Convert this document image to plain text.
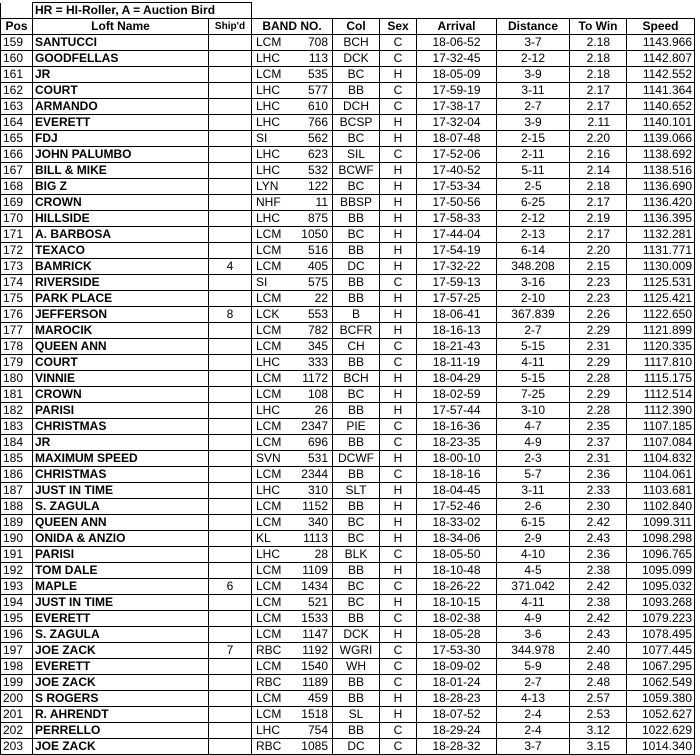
	HR = HI-Roller, A = Auction Bird									
Pos	Loft Name	Ship'd	BAND NO.		Col	Sex	Arrival	Distance	To Win	Speed
159	SANTUCCI		LCM	708	BCH	C	18-06-52	3-7	2.18	1143.966
160	GOODFELLAS		LHC	113	DCK	C	17-32-45	2-12	2.18	1142.807
161	JR		LCM	535	BC	H	18-05-09	3-9	2.18	1142.552
162	COURT		LHC	577	BB	C	17-59-19	3-11	2.17	1141.364
163	ARMANDO		LHC	610	DCH	C	17-38-17	2-7	2.17	1140.652
164	EVERETT		LHC	766	BCSP	H	17-32-04	3-9	2.11	1140.101
165	FDJ		SI	562	BC	H	18-07-48	2-15	2.20	1139.066
166	JOHN PALUMBO		LHC	623	SIL	C	17-52-06	2-11	2.16	1138.692
167	BILL & MIKE		LHC	532	BCWF	H	17-40-52	5-11	2.14	1138.516
168	BIG Z		LYN	122	BC	H	17-53-34	2-5	2.18	1136.690
169	CROWN		NHF	11	BBSP	H	17-50-56	6-25	2.17	1136.420
170	HILLSIDE		LHC	875	BB	H	17-58-33	2-12	2.19	1136.395
171	A. BARBOSA		LCM	1050	BC	H	17-44-04	2-13	2.17	1132.281
172	TEXACO		LCM	516	BB	H	17-54-19	6-14	2.20	1131.771
173	BAMRICK	4	LCM	405	DC	H	17-32-22	348.208	2.15	1130.009
174	RIVERSIDE		SI	575	BB	C	17-59-13	3-16	2.23	1125.531
175	PARK PLACE		LCM	22	BB	H	17-57-25	2-10	2.23	1125.421
176	JEFFERSON	8	LCK	553	B	H	18-06-41	367.839	2.26	1122.650
177	MAROCIK		LCM	782	BCFR	H	18-16-13	2-7	2.29	1121.899
178	QUEEN ANN		LCM	345	CH	C	18-21-43	5-15	2.31	1120.335
179	COURT		LHC	333	BB	C	18-11-19	4-11	2.29	1117.810
180	VINNIE		LCM	1172	BCH	H	18-04-29	5-15	2.28	1115.175
181	CROWN		LCM	108	BC	H	18-02-59	7-25	2.29	1112.514
182	PARISI		LHC	26	BB	H	17-57-44	3-10	2.28	1112.390
183	CHRISTMAS		LCM	2347	PIE	C	18-16-36	4-7	2.35	1107.185
184	JR		LCM	696	BB	C	18-23-35	4-9	2.37	1107.084
185	MAXIMUM SPEED		SVN	531	DCWF	H	18-00-10	2-3	2.31	1104.832
186	CHRISTMAS		LCM	2344	BB	C	18-18-16	5-7	2.36	1104.061
187	JUST IN TIME		LHC	310	SLT	H	18-04-45	3-11	2.33	1103.681
188	S. ZAGULA		LCM	1152	BB	H	17-52-46	2-6	2.30	1102.840
189	QUEEN ANN		LCM	340	BC	H	18-33-02	6-15	2.42	1099.311
190	ONIDA & ANZIO		KL	1113	BC	H	18-34-06	2-9	2.43	1098.298
191	PARISI		LHC	28	BLK	C	18-05-50	4-10	2.36	1096.765
192	TOM DALE		LCM	1109	BB	H	18-10-48	4-5	2.38	1095.099
193	MAPLE	6	LCM	1434	BC	C	18-26-22	371.042	2.42	1095.032
194	JUST IN TIME		LCM	521	BC	H	18-10-15	4-11	2.38	1093.268
195	EVERETT		LCM	1533	BB	C	18-02-38	4-9	2.42	1079.223
196	S. ZAGULA		LCM	1147	DCK	H	18-05-28	3-6	2.43	1078.495
197	JOE ZACK	7	RBC	1192	WGRI	C	17-53-30	344.978	2.40	1077.445
198	EVERETT		LCM	1540	WH	C	18-09-02	5-9	2.48	1067.295
199	JOE ZACK		RBC	1189	BB	C	18-01-24	2-7	2.48	1062.549
200	S ROGERS		LCM	459	BB	H	18-28-23	4-13	2.57	1059.380
201	R. AHRENDT		LCM	1518	SL	H	18-07-52	2-4	2.53	1052.627
202	PERRELLO		LHC	754	BB	C	18-29-24	2-4	3.12	1022.629
203	JOE ZACK		RBC	1085	DC	C	18-28-32	3-7	3.15	1014.340
